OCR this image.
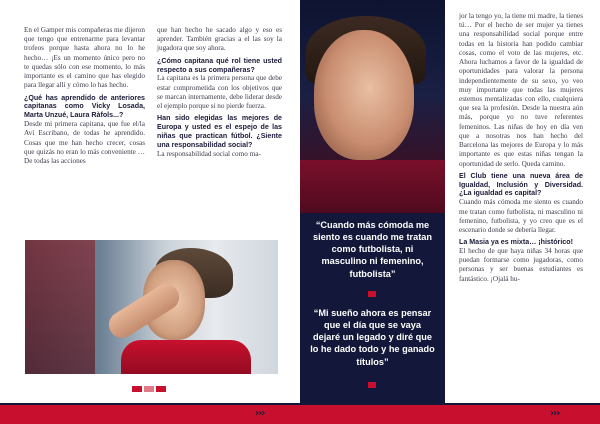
En el Gamper mis compañeras me dijeron que tengo que entrenarme para levantar trofeos porque hasta ahora no lo he hecho… ¡Es un momento único pero no te quedas sólo con ese momento, lo más importante es el camino que has elegido para llegar allí y cómo lo has hecho.

¿Qué has aprendido de anteriores capitanas como Vicky Losada, Marta Unzué, Laura Ràfols...?

Desde mi primera capitana, que fue el/la Aví Escribano, de todas he aprendido. Cosas que me han hecho crecer, cosas que quizás no eran lo más conveniente … De todas las acciones

que han hecho he sacado algo y eso es aprender. También gracias a el las soy la jugadora que soy ahora.

¿Cómo capitana qué rol tiene usted respecto a sus compañeras?

La capitana es la primera persona que debe estar comprometida con los objetivos que se marcan internamente, debe liderar desde el ejemplo porque si no pierde fuerza.

Han sido elegidas las mejores de Europa y usted es el espejo de las niñas que practican fútbol. ¿Siente una responsabilidad social?

La responsabilidad social como ma-

“Cuando más cómoda me siento es cuando me tratan como futbolista, ni masculino ni femenino, futbolista”

“Mi sueño ahora es pensar que el día que se vaya dejaré un legado y diré que lo he dado todo y he ganado títulos”

jor la tengo yo, la tiene mi madre, la tienes tú… Por el hecho de ser mujer ya tienes una responsabilidad social porque entre todas en la historia han podido cambiar cosas, como el voto de las mujeres, etc. Ahora luchamos a favor de la igualdad de oportunidades para valorar la persona independientemente de su sexo, yo veo muy importante que todas las mujeres estemos mentalizadas con ello, cualquiera que sea la profesión. Desde la nuestra aún más, porque yo no tuve referentes femeninos. Las niñas de hoy en día ven que a nosotras nos han hecho del Barcelona las mejores de Europa y lo más importante es que estas niñas tengan la oportunidad de serlo. Queda camino.

El Club tiene una nueva área de Igualdad, Inclusión y Diversidad. ¿La igualdad es capital?

Cuando más cómoda me siento es cuando me tratan como futbolista, ni masculino ni femenino, futbolista, y yo creo que es el escenario donde se debería llegar.

La Masia ya es mixta… ¡histórico!

El hecho de que haya niñas 34 horas que puedan formarse como jugadoras, como personas y ser buenas estudiantes es fantástico. ¡Ojalá hu-

›››	›››
